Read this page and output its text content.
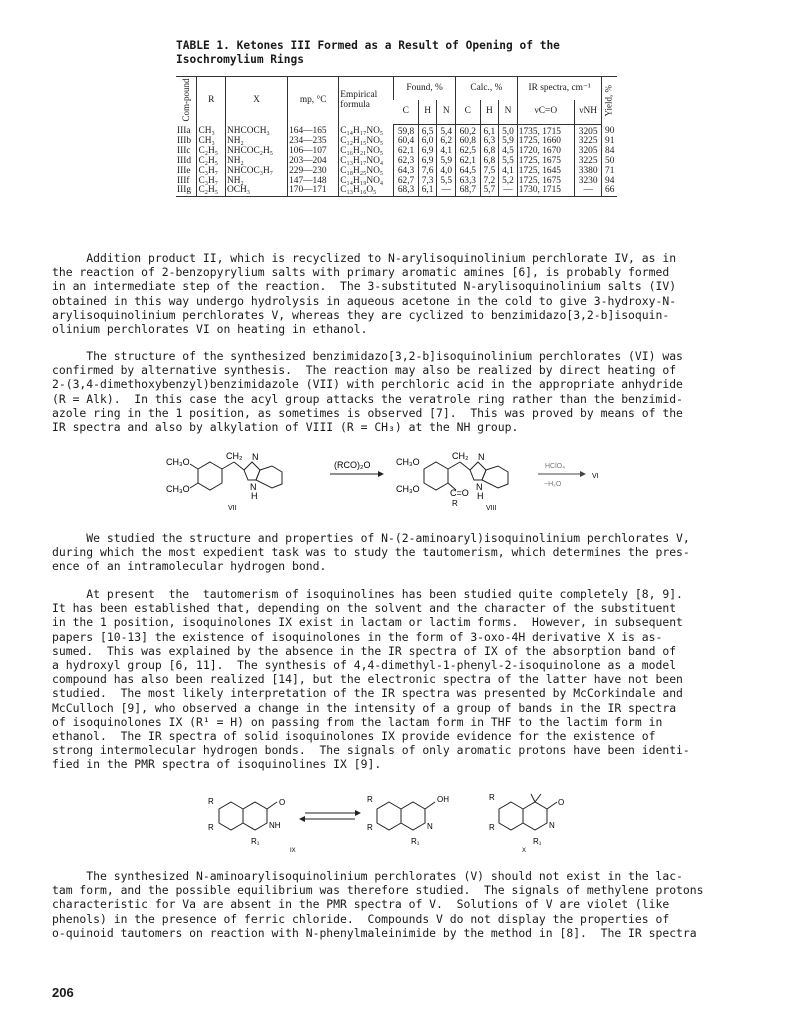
TABLE 1. Ketones III Formed as a Result of Opening of the
Isochromylium Rings
Com-pound	R	X	mp, °C	Empirical formula	Found, %			Calc., %			IR spectra, cm⁻¹		Yield, %
					C	H	N	C	H	N	νC=O	νNH	
IIIa	CH₃	NHCOCH₃	164—165	C₁₄H₁₇NO₅	59,8	6,5	5,4	60,2	6,1	5,0	1735, 1715	3205	90
IIIb	CH₃	NH₂	234—235	C₁₂H₁₅NO₅	60,4	6,0	6,2	60,8	6,3	5,9	1725, 1660	3225	91
IIIc	C₂H₅	NHCOC₂H₅	106—107	C₁₆H₂₁NO₅	62,1	6,9	4,1	62,5	6,8	4,5	1720, 1670	3205	84
IIId	C₂H₅	NH₂	203—204	C₁₃H₁₇NO₄	62,3	6,9	5,9	62,1	6,8	5,5	1725, 1675	3225	50
IIIe	C₃H₇	NHCOC₃H₇	229—230	C₁₈H₂₅NO₅	64,3	7,6	4,0	64,5	7,5	4,1	1725, 1645	3380	71
IIIf	C₃H₇	NH₂	147—148	C₁₄H₁₉NO₄	62,7	7,3	5,5	63,3	7,2	5,2	1725, 1675	3230	94
IIIg	C₂H₅	OCH₃	170—171	C₁₃H₁₆O₅	68,3	6,1	—	68,7	5,7	—	1730, 1715	—	66
Addition product II, which is recyclized to N-arylisoquinolinium perchlorate IV, as in
the reaction of 2-benzopyrylium salts with primary aromatic amines [6], is probably formed
in an intermediate step of the reaction.  The 3-substituted N-arylisoquinolinium salts (IV)
obtained in this way undergo hydrolysis in aqueous acetone in the cold to give 3-hydroxy-N-
arylisoquinolinium perchlorates V, whereas they are cyclized to benzimidazo[3,2-b]isoquin-
olinium perchlorates VI on heating in ethanol.
The structure of the synthesized benzimidazo[3,2-b]isoquinolinium perchlorates (VI) was
confirmed by alternative synthesis.  The reaction may also be realized by direct heating of
2-(3,4-dimethoxybenzyl)benzimidazole (VII) with perchloric acid in the appropriate anhydride
(R = Alk).  In this case the acyl group attacks the veratrole ring rather than the benzimid-
azole ring in the 1 position, as sometimes is observed [7].  This was proved by means of the
IR spectra and also by alkylation of VIII (R = CH₃) at the NH group.
CH₃O
CH₃O
CH₂ N
N
H
VII
(RCO)₂O	CH₃O
CH₃O
CH₂ N
C=O
N
H
R
VIII
HClO₄
−H₂O
VI
We studied the structure and properties of N-(2-aminoaryl)isoquinolinium perchlorates V,
during which the most expedient task was to study the tautomerism, which determines the pres-
ence of an intramolecular hydrogen bond.
At present  the  tautomerism of isoquinolines has been studied quite completely [8, 9].
It has been established that, depending on the solvent and the character of the substituent
in the 1 position, isoquinolones IX exist in lactam or lactim forms.  However, in subsequent
papers [10-13] the existence of isoquinolones in the form of 3-oxo-4H derivative X is as-
sumed.  This was explained by the absence in the IR spectra of IX of the absorption band of
a hydroxyl group [6, 11].  The synthesis of 4,4-dimethyl-1-phenyl-2-isoquinolone as a model
compound has also been realized [14], but the electronic spectra of the latter have not been
studied.  The most likely interpretation of the IR spectra was presented by McCorkindale and
McCulloch [9], who observed a change in the intensity of a group of bands in the IR spectra
of isoquinolones IX (R¹ = H) on passing from the lactam form in THF to the lactim form in
ethanol.  The IR spectra of solid isoquinolones IX provide evidence for the existence of
strong intermolecular hydrogen bonds.  The signals of only aromatic protons have been identi-
fied in the PMR spectra of isoquinolines IX [9].
R
R
O
NH
R₁
IX
R
R
OH
N
R₁
R
R
O
N
R₁
X
The synthesized N-aminoarylisoquinolinium perchlorates (V) should not exist in the lac-
tam form, and the possible equilibrium was therefore studied.  The signals of methylene protons
characteristic for Va are absent in the PMR spectra of V.  Solutions of V are violet (like
phenols) in the presence of ferric chloride.  Compounds V do not display the properties of
o-quinoid tautomers on reaction with N-phenylmaleinimide by the method in [8].  The IR spectra
206
